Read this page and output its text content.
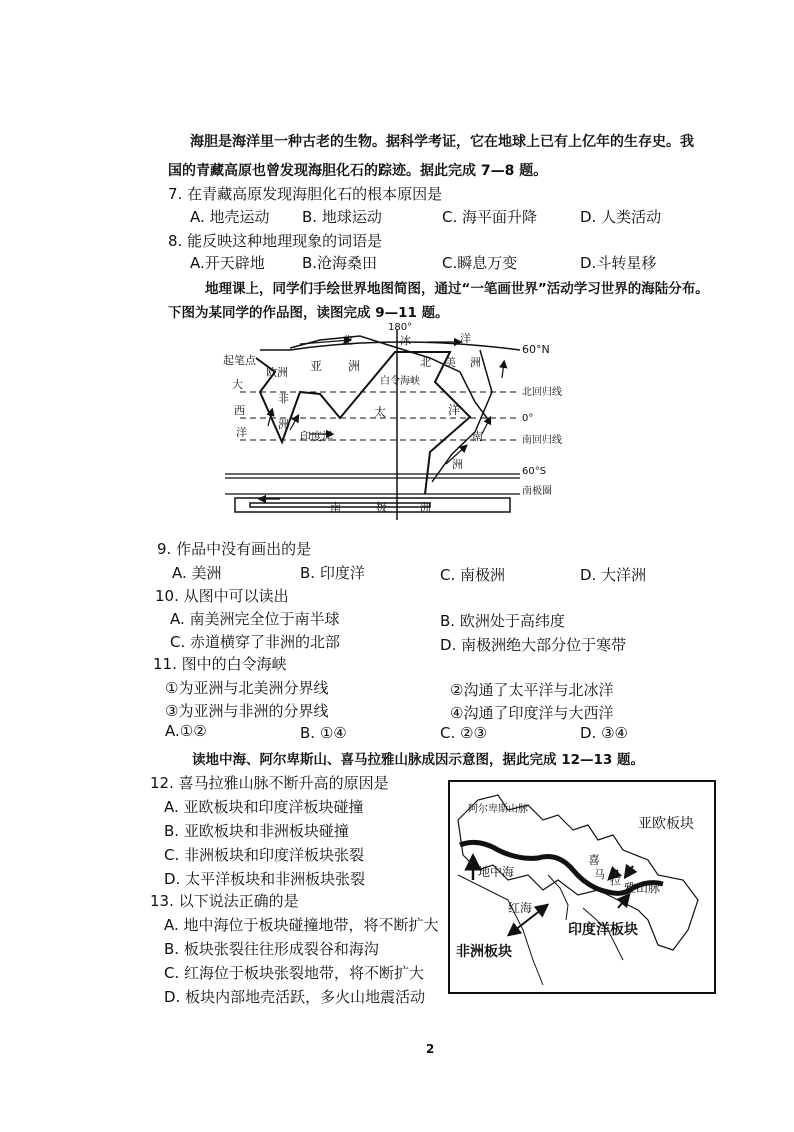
海胆是海洋里一种古老的生物。据科学考证，它在地球上已有上亿年的生存史。我
国的青藏高原也曾发现海胆化石的踪迹。据此完成 7—8 题。
7. 在青藏高原发现海胆化石的根本原因是
A. 地壳运动 B. 地球运动	C. 海平面升降	D. 人类活动
8. 能反映这种地理现象的词语是
A.开天辟地 B.沧海桑田	C.瞬息万变	D.斗转星移
地理课上，同学们手绘世界地图简图，通过“一笔画世界”活动学习世界的海陆分布。
下图为某同学的作品图，读图完成 9—11 题。
180°
60°N
北回归线
0°
南回归线
60°S
南极圈
起笔点	亚 洲
欧洲
非
洲
北 美 洲
北	冰	洋
白令海峡
大
西
洋	印度洋
太	洋
南
洲
南	极	洲
9. 作品中没有画出的是
A. 美洲	B. 印度洋	C. 南极洲	D. 大洋洲
10. 从图中可以读出
A. 南美洲完全位于南半球	B. 欧洲处于高纬度
C. 赤道横穿了非洲的北部	D. 南极洲绝大部分位于寒带
11. 图中的白令海峡
①为亚洲与北美洲分界线	②沟通了太平洋与北冰洋
③为亚洲与非洲的分界线	④沟通了印度洋与大西洋
A.①②	B. ①④	C. ②③	D. ③④
读地中海、阿尔卑斯山、喜马拉雅山脉成因示意图，据此完成 12—13 题。
12. 喜马拉雅山脉不断升高的原因是
A. 亚欧板块和印度洋板块碰撞
B. 亚欧板块和非洲板块碰撞
C. 非洲板块和印度洋板块张裂
D. 太平洋板块和非洲板块张裂
13. 以下说法正确的是
A. 地中海位于板块碰撞地带，将不断扩大
B. 板块张裂往往形成裂谷和海沟
C. 红海位于板块张裂地带，将不断扩大
D. 板块内部地壳活跃，多火山地震活动
阿尔卑斯山脉
亚欧板块
地中海
喜
马 拉
雅山脉
红海
印度洋板块
非洲板块
2
